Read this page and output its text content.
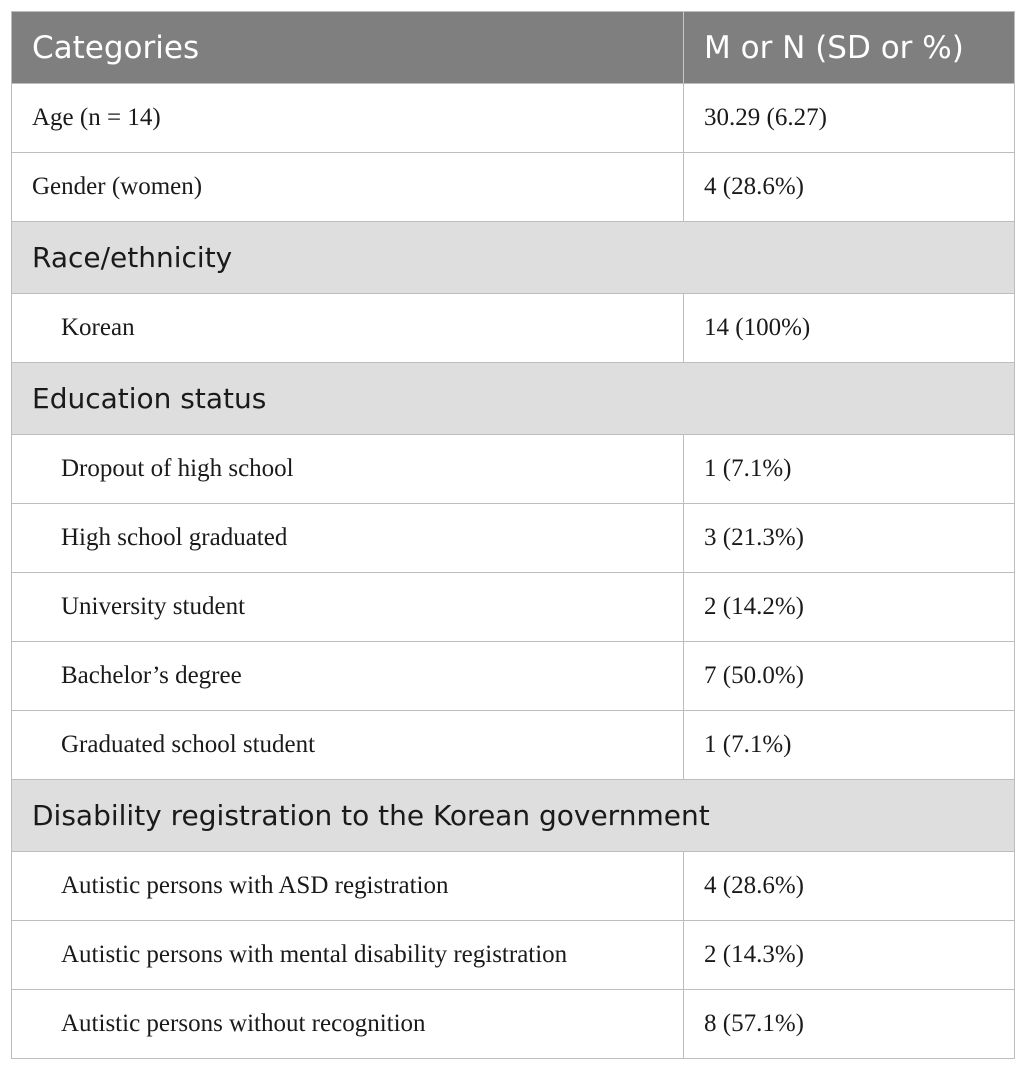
Categories	M or N (SD or %)
Age (n = 14)	30.29 (6.27)
Gender (women)	4 (28.6%)
Race/ethnicity	
Korean	14 (100%)
Education status	
Dropout of high school	1 (7.1%)
High school graduated	3 (21.3%)
University student	2 (14.2%)
Bachelor’s degree	7 (50.0%)
Graduated school student	1 (7.1%)
Disability registration to the Korean government	
Autistic persons with ASD registration	4 (28.6%)
Autistic persons with mental disability registration	2 (14.3%)
Autistic persons without recognition	8 (57.1%)
